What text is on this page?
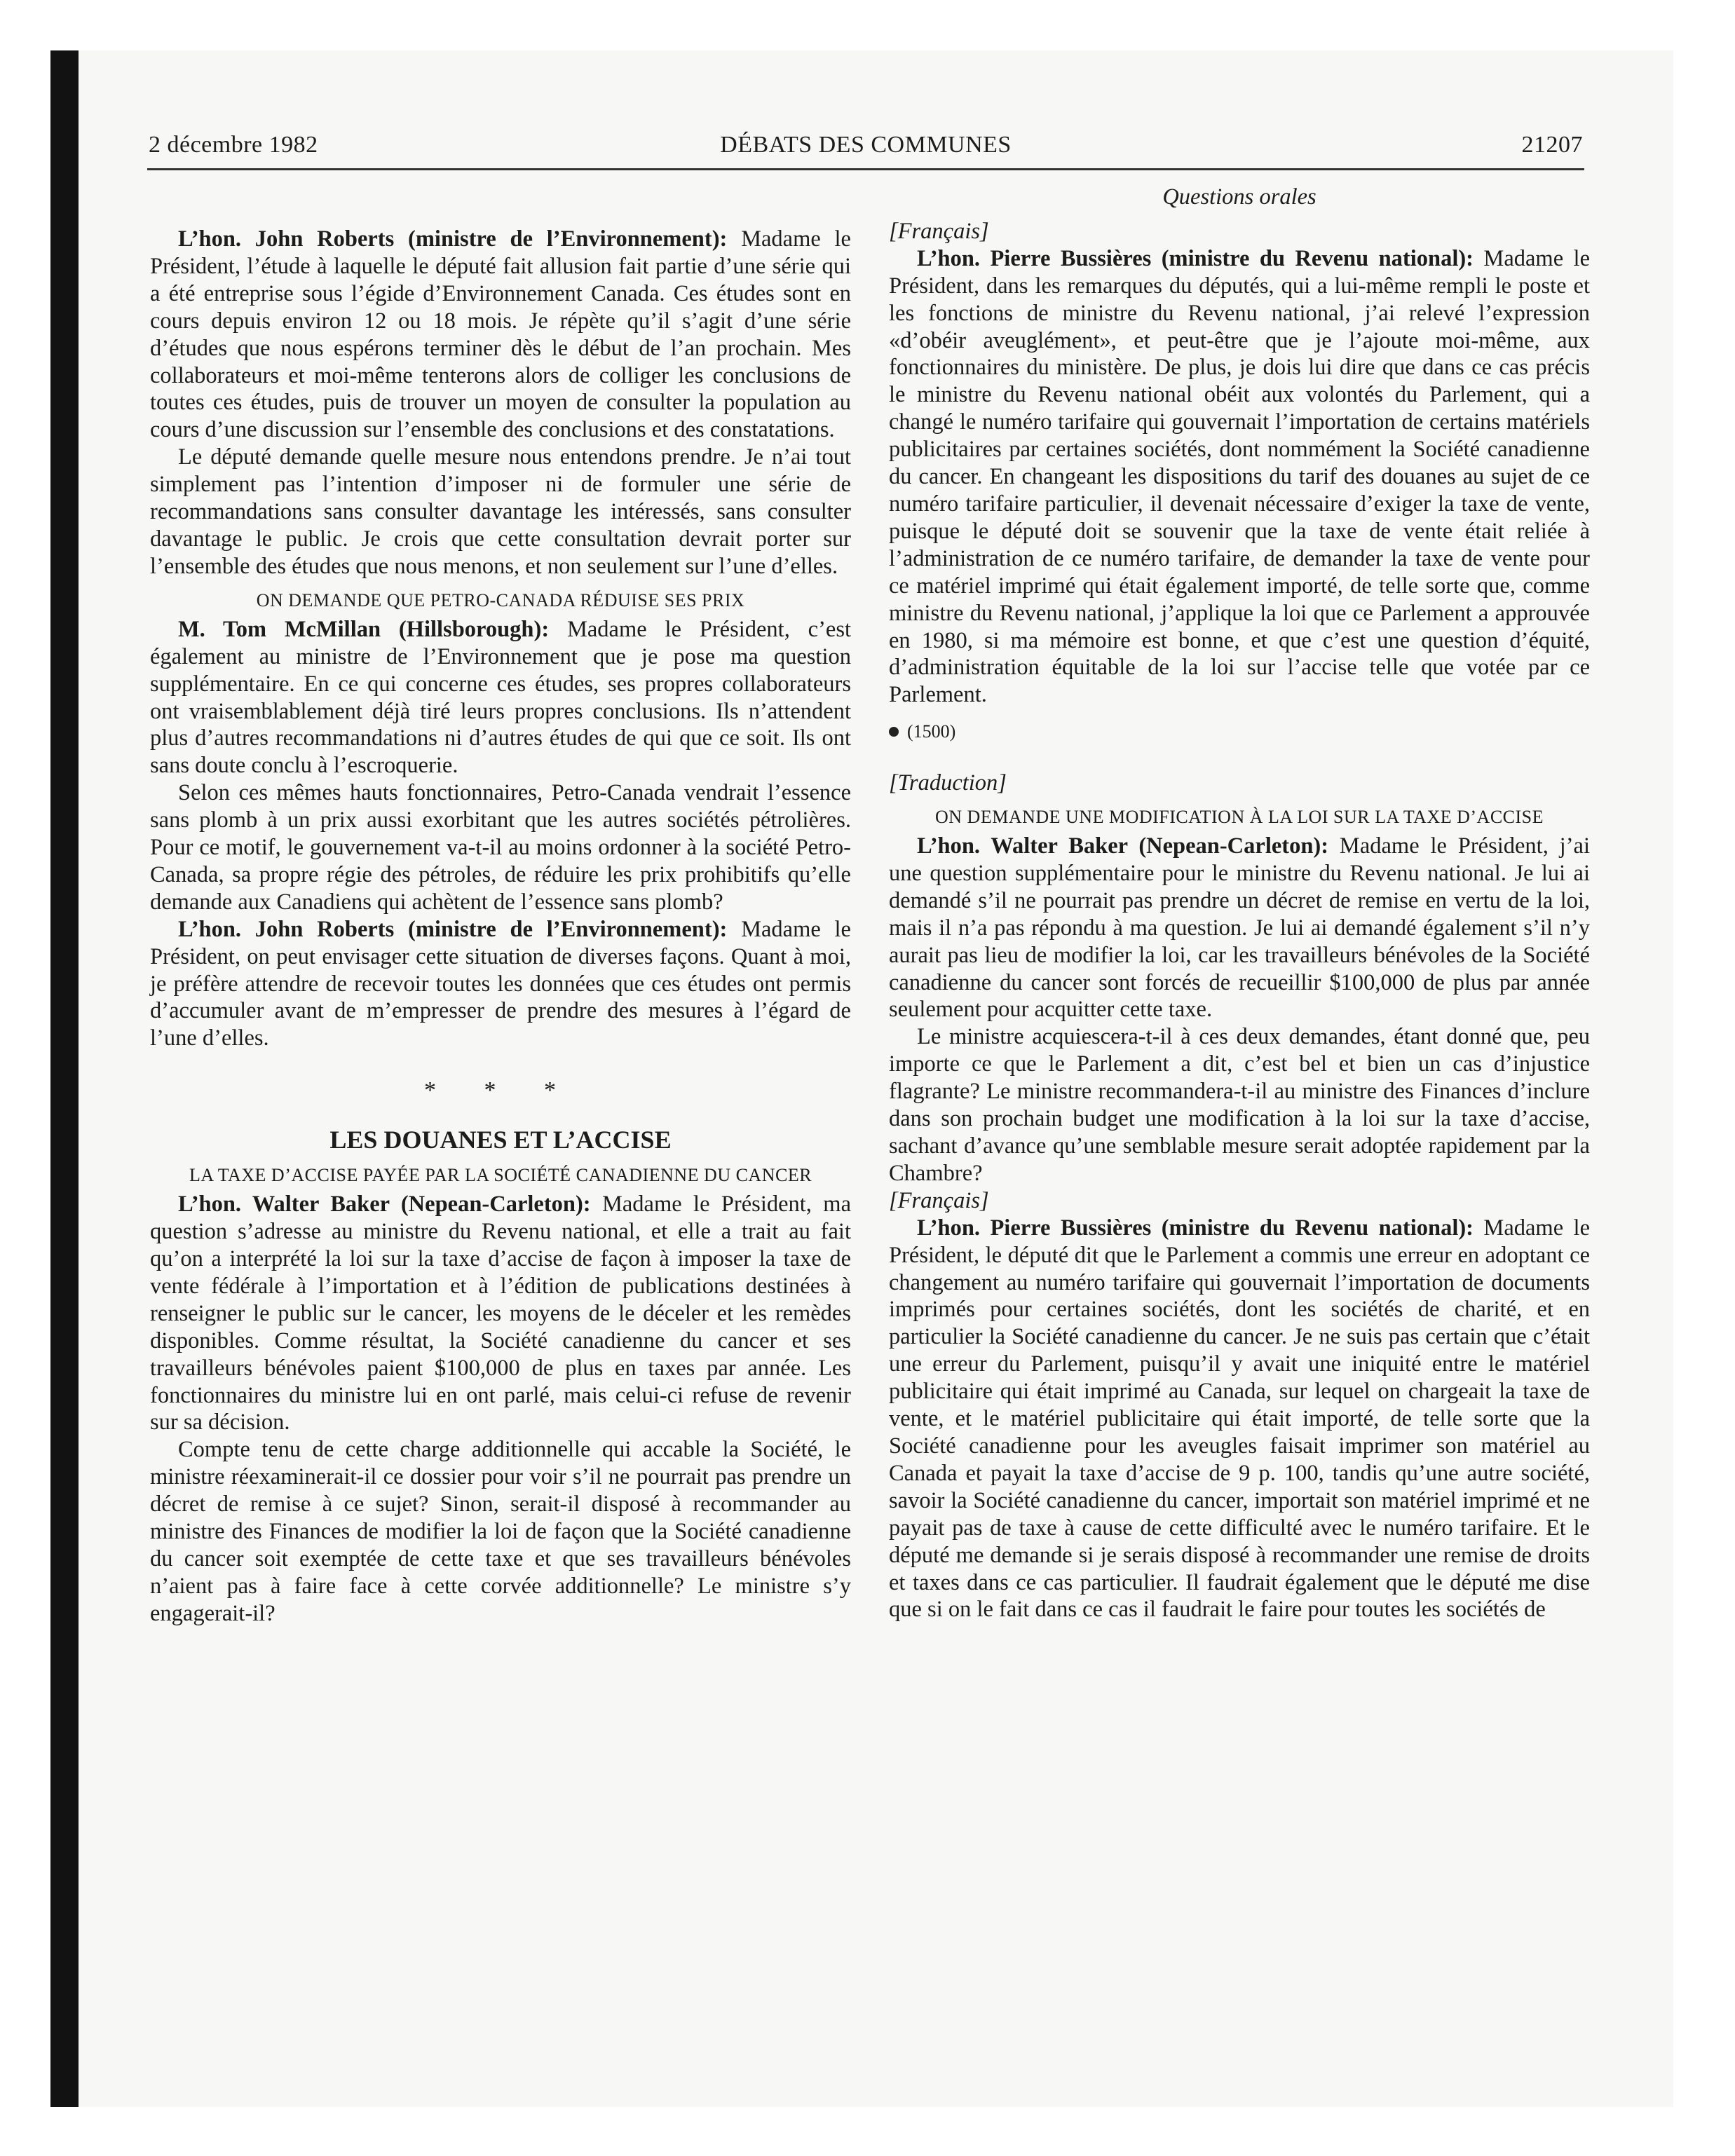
2 décembre 1982	DÉBATS DES COMMUNES	21207

L’hon. John Roberts (ministre de l’Environnement): Madame le Président, l’étude à laquelle le député fait allusion fait partie d’une série qui a été entreprise sous l’égide d’Environnement Canada. Ces études sont en cours depuis environ 12 ou 18 mois. Je répète qu’il s’agit d’une série d’études que nous espérons terminer dès le début de l’an prochain. Mes collaborateurs et moi-même tenterons alors de colliger les conclusions de toutes ces études, puis de trouver un moyen de consulter la population au cours d’une discussion sur l’ensemble des conclusions et des constatations.

Le député demande quelle mesure nous entendons prendre. Je n’ai tout simplement pas l’intention d’imposer ni de formuler une série de recommandations sans consulter davantage les intéressés, sans consulter davantage le public. Je crois que cette consultation devrait porter sur l’ensemble des études que nous menons, et non seulement sur l’une d’elles.

ON DEMANDE QUE PETRO-CANADA RÉDUISE SES PRIX

M. Tom McMillan (Hillsborough): Madame le Président, c’est également au ministre de l’Environnement que je pose ma question supplémentaire. En ce qui concerne ces études, ses propres collaborateurs ont vraisemblablement déjà tiré leurs propres conclusions. Ils n’attendent plus d’autres recommandations ni d’autres études de qui que ce soit. Ils ont sans doute conclu à l’escroquerie.

Selon ces mêmes hauts fonctionnaires, Petro-Canada vendrait l’essence sans plomb à un prix aussi exorbitant que les autres sociétés pétrolières. Pour ce motif, le gouvernement va-t-il au moins ordonner à la société Petro-Canada, sa propre régie des pétroles, de réduire les prix prohibitifs qu’elle demande aux Canadiens qui achètent de l’essence sans plomb?

L’hon. John Roberts (ministre de l’Environnement): Madame le Président, on peut envisager cette situation de diverses façons. Quant à moi, je préfère attendre de recevoir toutes les données que ces études ont permis d’accumuler avant de m’empresser de prendre des mesures à l’égard de l’une d’elles.

* * *
LES DOUANES ET L’ACCISE
LA TAXE D’ACCISE PAYÉE PAR LA SOCIÉTÉ CANADIENNE DU CANCER

L’hon. Walter Baker (Nepean-Carleton): Madame le Président, ma question s’adresse au ministre du Revenu national, et elle a trait au fait qu’on a interprété la loi sur la taxe d’accise de façon à imposer la taxe de vente fédérale à l’importation et à l’édition de publications destinées à renseigner le public sur le cancer, les moyens de le déceler et les remèdes disponibles. Comme résultat, la Société canadienne du cancer et ses travailleurs bénévoles paient $100,000 de plus en taxes par année. Les fonctionnaires du ministre lui en ont parlé, mais celui-ci refuse de revenir sur sa décision.

Compte tenu de cette charge additionnelle qui accable la Société, le ministre réexaminerait-il ce dossier pour voir s’il ne pourrait pas prendre un décret de remise à ce sujet? Sinon, serait-il disposé à recommander au ministre des Finances de modifier la loi de façon que la Société canadienne du cancer soit exemptée de cette taxe et que ses travailleurs bénévoles n’aient pas à faire face à cette corvée additionnelle? Le ministre s’y engagerait-il?

Questions orales
[Français]

L’hon. Pierre Bussières (ministre du Revenu national): Madame le Président, dans les remarques du députés, qui a lui-même rempli le poste et les fonctions de ministre du Revenu national, j’ai relevé l’expression «d’obéir aveuglément», et peut-être que je l’ajoute moi-même, aux fonctionnaires du ministère. De plus, je dois lui dire que dans ce cas précis le ministre du Revenu national obéit aux volontés du Parlement, qui a changé le numéro tarifaire qui gouvernait l’importation de certains matériels publicitaires par certaines sociétés, dont nommément la Société canadienne du cancer. En changeant les dispositions du tarif des douanes au sujet de ce numéro tarifaire particulier, il devenait nécessaire d’exiger la taxe de vente, puisque le député doit se souvenir que la taxe de vente était reliée à l’administration de ce numéro tarifaire, de demander la taxe de vente pour ce matériel imprimé qui était également importé, de telle sorte que, comme ministre du Revenu national, j’applique la loi que ce Parlement a approuvée en 1980, si ma mémoire est bonne, et que c’est une question d’équité, d’administration équitable de la loi sur l’accise telle que votée par ce Parlement.

(1500)
[Traduction]
ON DEMANDE UNE MODIFICATION À LA LOI SUR LA TAXE D’ACCISE

L’hon. Walter Baker (Nepean-Carleton): Madame le Président, j’ai une question supplémentaire pour le ministre du Revenu national. Je lui ai demandé s’il ne pourrait pas prendre un décret de remise en vertu de la loi, mais il n’a pas répondu à ma question. Je lui ai demandé également s’il n’y aurait pas lieu de modifier la loi, car les travailleurs bénévoles de la Société canadienne du cancer sont forcés de recueillir $100,000 de plus par année seulement pour acquitter cette taxe.

Le ministre acquiescera-t-il à ces deux demandes, étant donné que, peu importe ce que le Parlement a dit, c’est bel et bien un cas d’injustice flagrante? Le ministre recommandera-t-il au ministre des Finances d’inclure dans son prochain budget une modification à la loi sur la taxe d’accise, sachant d’avance qu’une semblable mesure serait adoptée rapidement par la Chambre?

[Français]

L’hon. Pierre Bussières (ministre du Revenu national): Madame le Président, le député dit que le Parlement a commis une erreur en adoptant ce changement au numéro tarifaire qui gouvernait l’importation de documents imprimés pour certaines sociétés, dont les sociétés de charité, et en particulier la Société canadienne du cancer. Je ne suis pas certain que c’était une erreur du Parlement, puisqu’il y avait une iniquité entre le matériel publicitaire qui était imprimé au Canada, sur lequel on chargeait la taxe de vente, et le matériel publicitaire qui était importé, de telle sorte que la Société canadienne pour les aveugles faisait imprimer son matériel au Canada et payait la taxe d’accise de 9 p. 100, tandis qu’une autre société, savoir la Société canadienne du cancer, importait son matériel imprimé et ne payait pas de taxe à cause de cette difficulté avec le numéro tarifaire. Et le député me demande si je serais disposé à recommander une remise de droits et taxes dans ce cas particulier. Il faudrait également que le député me dise que si on le fait dans ce cas il faudrait le faire pour toutes les sociétés de
